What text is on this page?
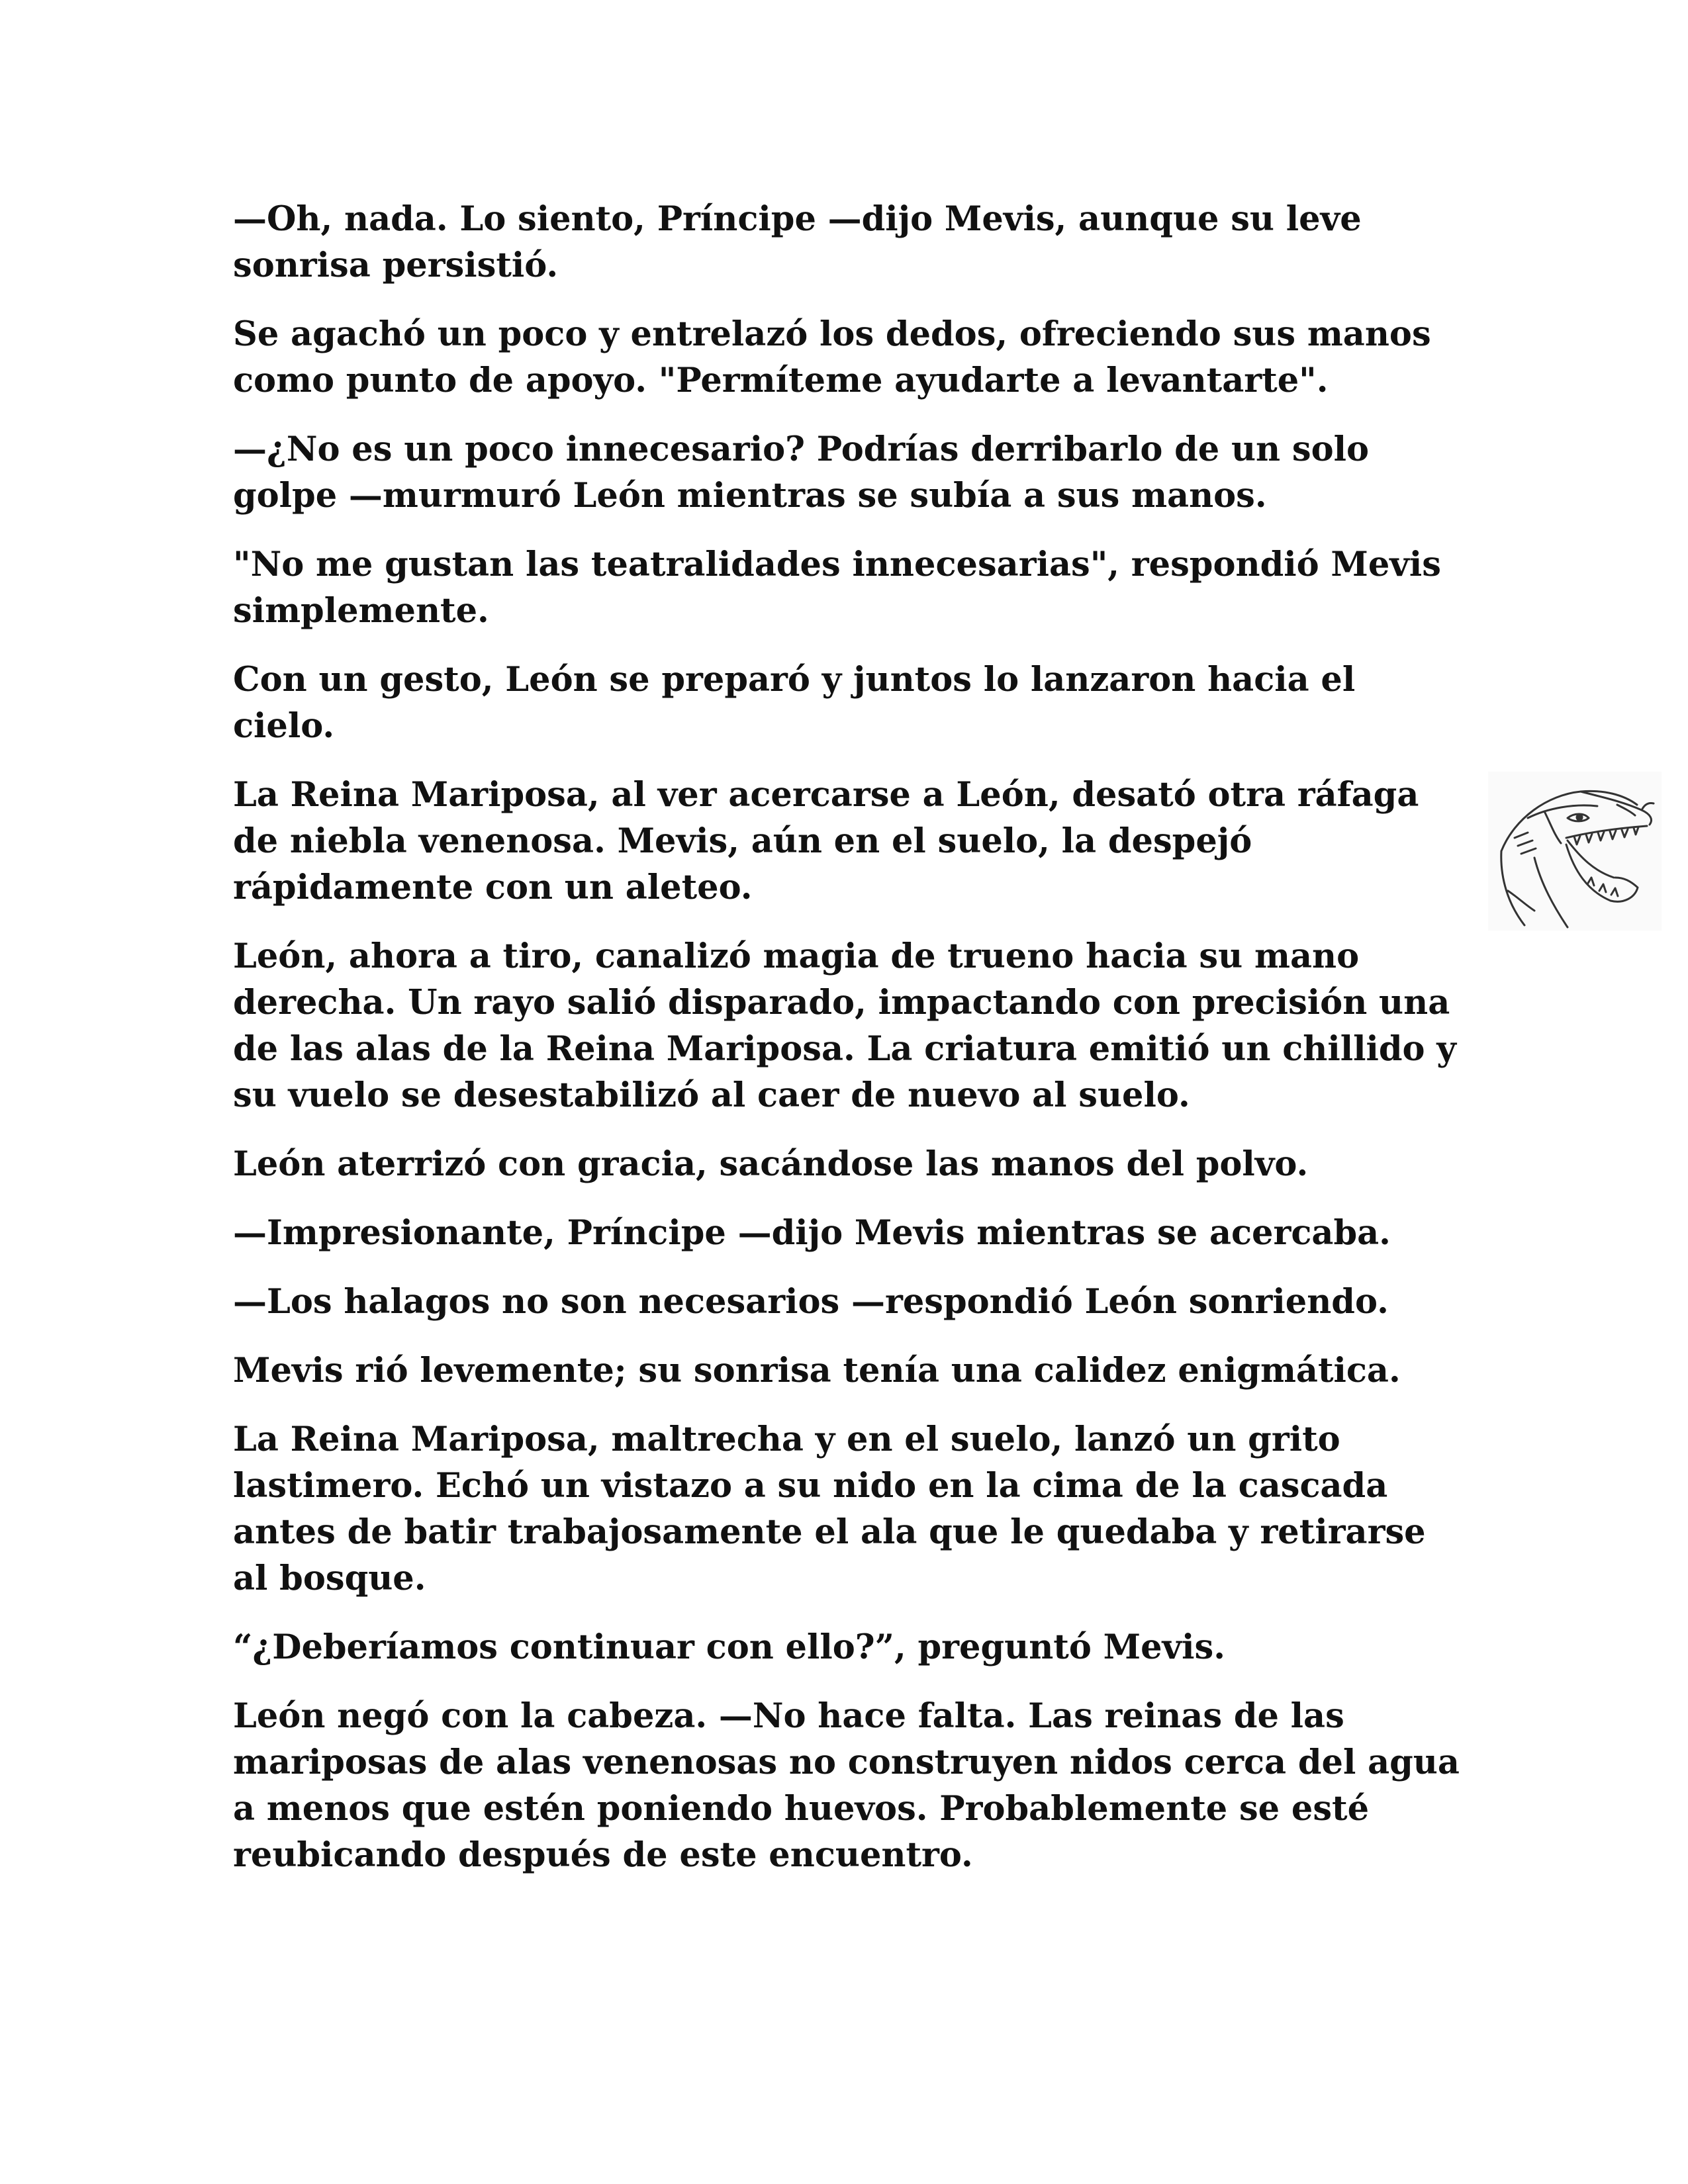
—Oh, nada. Lo siento, Príncipe —dijo Mevis, aunque su leve sonrisa persistió.

Se agachó un poco y entrelazó los dedos, ofreciendo sus manos como punto de apoyo. "Permíteme ayudarte a levantarte".

—¿No es un poco innecesario? Podrías derribarlo de un solo golpe —murmuró León mientras se subía a sus manos.

"No me gustan las teatralidades innecesarias", respondió Mevis simplemente.

Con un gesto, León se preparó y juntos lo lanzaron hacia el cielo.

La Reina Mariposa, al ver acercarse a León, desató otra ráfaga de niebla venenosa. Mevis, aún en el suelo, la despejó rápidamente con un aleteo.

León, ahora a tiro, canalizó magia de trueno hacia su mano derecha. Un rayo salió disparado, impactando con precisión una de las alas de la Reina Mariposa. La criatura emitió un chillido y su vuelo se desestabilizó al caer de nuevo al suelo.

León aterrizó con gracia, sacándose las manos del polvo.

—Impresionante, Príncipe —dijo Mevis mientras se acercaba.

—Los halagos no son necesarios —respondió León sonriendo.

Mevis rió levemente; su sonrisa tenía una calidez enigmática.

La Reina Mariposa, maltrecha y en el suelo, lanzó un grito lastimero. Echó un vistazo a su nido en la cima de la cascada antes de batir trabajosamente el ala que le quedaba y retirarse al bosque.

“¿Deberíamos continuar con ello?”, preguntó Mevis.

León negó con la cabeza. —No hace falta. Las reinas de las mariposas de alas venenosas no construyen nidos cerca del agua a menos que estén poniendo huevos. Probablemente se esté reubicando después de este encuentro.
